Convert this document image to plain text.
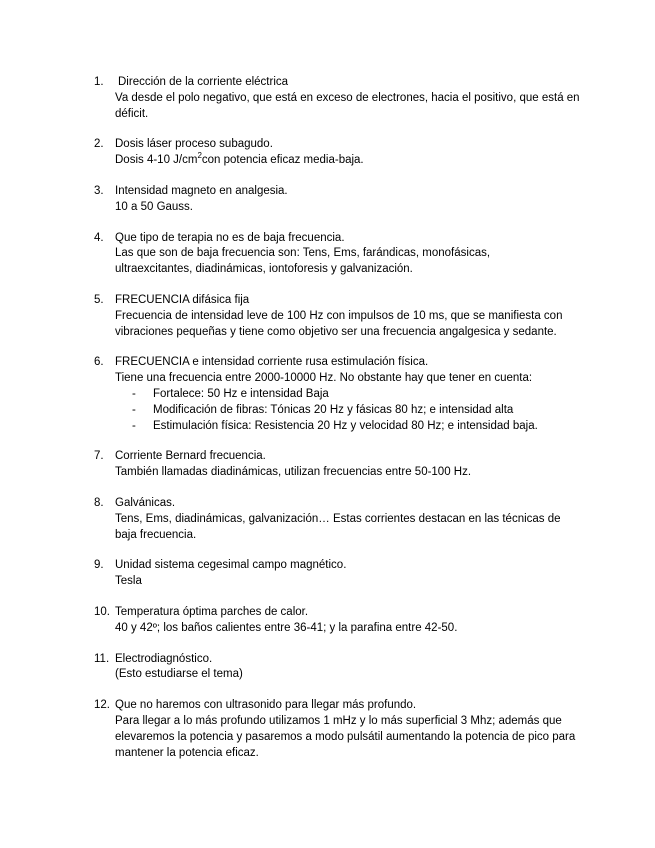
1. Dirección de la corriente eléctrica
Va desde el polo negativo, que está en exceso de electrones, hacia el positivo, que está en déficit.
2. Dosis láser proceso subagudo.
Dosis 4-10 $J/cm^2con$ potencia eficaz media-baja.
3. Intensidad magneto en analgesia.
10 a 50 Gauss.
4. Que tipo de terapia no es de baja frecuencia.
Las que son de baja frecuencia son: Tens, Ems, farándicas, monofásicas, ultraexcitantes, diadinámicas, iontoforesis y galvanización.
5. FRECUENCIA difásica fija
Frecuencia de intensidad leve de 100 Hz con impulsos de 10 ms, que se manifiesta con vibraciones pequeñas y tiene como objetivo ser una frecuencia angalgesica y sedante.
6. FRECUENCIA e intensidad corriente rusa estimulación física.
Tiene una frecuencia entre 2000-10000 Hz. No obstante hay que tener en cuenta:
- Fortalece: 50 Hz e intensidad Baja
- Modificación de fibras: Tónicas 20 Hz y fásicas 80 hz; e intensidad alta
- Estimulación física: Resistencia 20 Hz y velocidad 80 Hz; e intensidad baja.
7. Corriente Bernard frecuencia.
También llamadas diadinámicas, utilizan frecuencias entre 50-100 Hz.
8. Galvánicas.
Tens, Ems, diadinámicas, galvanización… Estas corrientes destacan en las técnicas de baja frecuencia.
9. Unidad sistema cegesimal campo magnético.
Tesla
10. Temperatura óptima parches de calor.
40 y 42º; los baños calientes entre 36-41; y la parafina entre 42-50.
11. Electrodiagnóstico.
(Esto estudiarse el tema)
12. Que no haremos con ultrasonido para llegar más profundo.
Para llegar a lo más profundo utilizamos 1 mHz y lo más superficial 3 Mhz; además que elevaremos la potencia y pasaremos a modo pulsátil aumentando la potencia de pico para mantener la potencia eficaz.
